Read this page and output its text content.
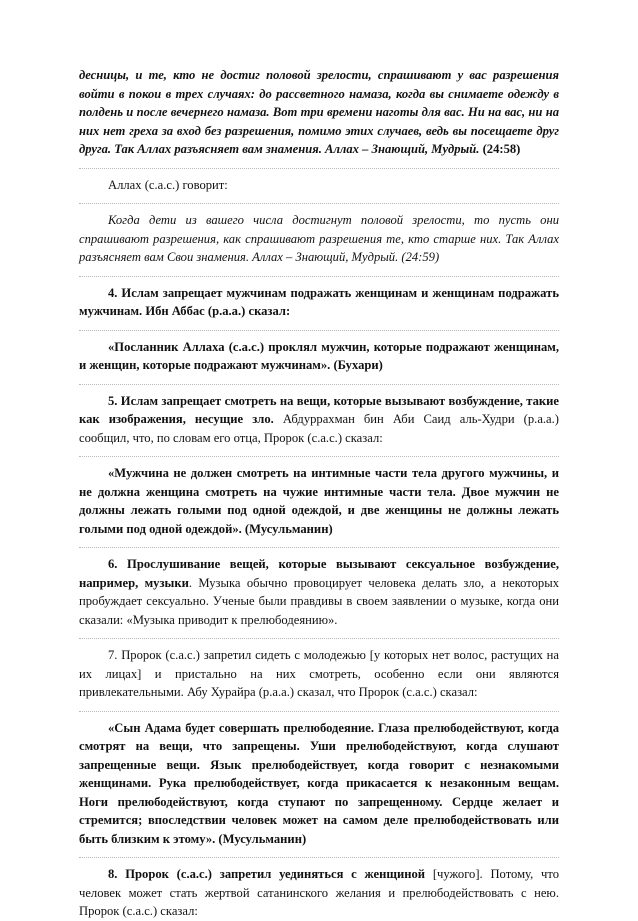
десницы, и те, кто не достиг половой зрелости, спрашивают у вас разрешения войти в покои в трех случаях: до рассветного намаза, когда вы снимаете одежду в полдень и после вечернего намаза. Вот три времени наготы для вас. Ни на вас, ни на них нет греха за вход без разрешения, помимо этих случаев, ведь вы посещаете друг друга. Так Аллах разъясняет вам знамения. Аллах – Знающий, Мудрый. (24:58)

Аллах (с.а.с.) говорит:

Когда дети из вашего числа достигнут половой зрелости, то пусть они спрашивают разрешения, как спрашивают разрешения те, кто старше них. Так Аллах разъясняет вам Свои знамения. Аллах – Знающий, Мудрый. (24:59)

4. Ислам запрещает мужчинам подражать женщинам и женщинам подражать мужчинам. Ибн Аббас (р.а.а.) сказал:

«Посланник Аллаха (с.а.с.) проклял мужчин, которые подражают женщинам, и женщин, которые подражают мужчинам». (Бухари)

5. Ислам запрещает смотреть на вещи, которые вызывают возбуждение, такие как изображения, несущие зло. Абдуррахман бин Аби Саид аль-Худри (р.а.а.) сообщил, что, по словам его отца, Пророк (с.а.с.) сказал:

«Мужчина не должен смотреть на интимные части тела другого мужчины, и не должна женщина смотреть на чужие интимные части тела. Двое мужчин не должны лежать голыми под одной одеждой, и две женщины не должны лежать голыми под одной одеждой». (Мусульманин)

6. Прослушивание вещей, которые вызывают сексуальное возбуждение, например, музыки. Музыка обычно провоцирует человека делать зло, а некоторых пробуждает сексуально. Ученые были правдивы в своем заявлении о музыке, когда они сказали: «Музыка приводит к прелюбодеянию».

7. Пророк (с.а.с.) запретил сидеть с молодежью [у которых нет волос, растущих на их лицах] и пристально на них смотреть, особенно если они являются привлекательными. Абу Хурайра (р.а.а.) сказал, что Пророк (с.а.с.) сказал:

«Сын Адама будет совершать прелюбодеяние. Глаза прелюбодействуют, когда смотрят на вещи, что запрещены. Уши прелюбодействуют, когда слушают запрещенные вещи. Язык прелюбодействует, когда говорит с незнакомыми женщинами. Рука прелюбодействует, когда прикасается к незаконным вещам. Ноги прелюбодействуют, когда ступают по запрещенному. Сердце желает и стремится; впоследствии человек может на самом деле прелюбодействовать или быть близким к этому». (Мусульманин)

8. Пророк (с.а.с.) запретил уединяться с женщиной [чужого]. Потому, что человек может стать жертвой сатанинского желания и прелюбодействовать с нею. Пророк (с.а.с.) сказал:
